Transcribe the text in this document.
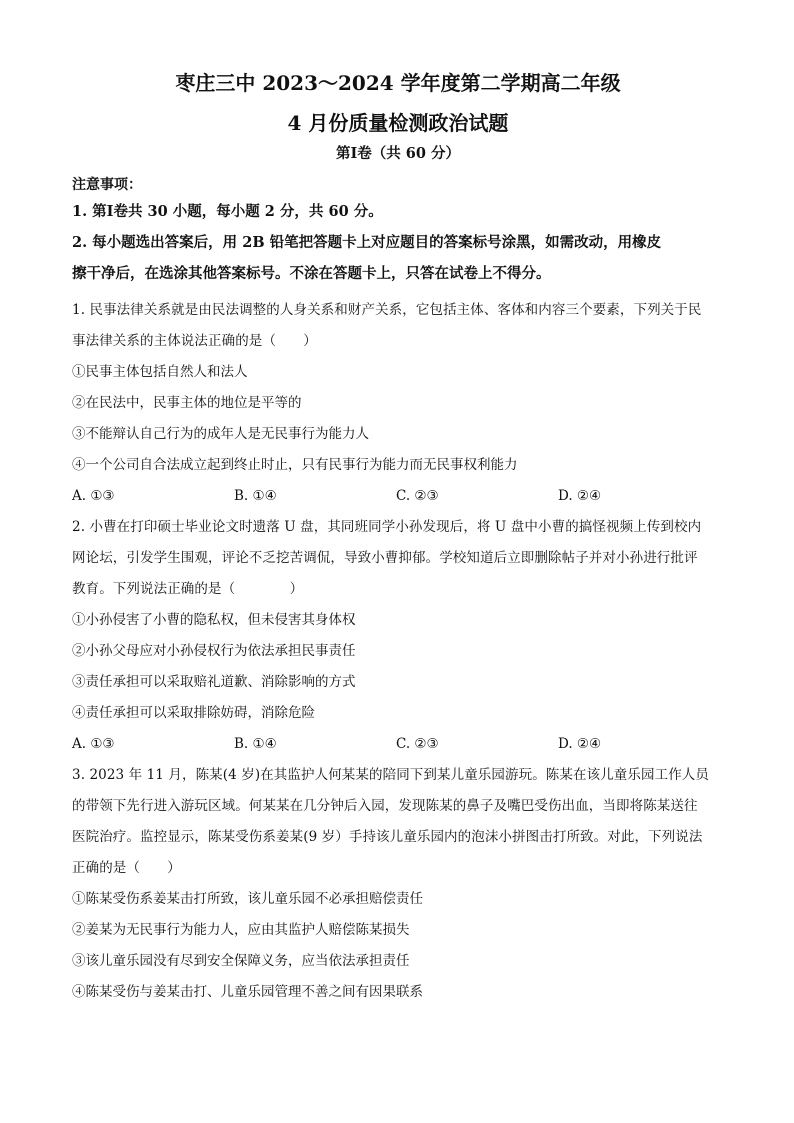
枣庄三中 2023～2024 学年度第二学期高二年级
4 月份质量检测政治试题
第Ⅰ卷（共 60 分）
注意事项：

1. 第Ⅰ卷共 30 小题，每小题 2 分，共 60 分。

2. 每小题选出答案后，用 2B 铅笔把答题卡上对应题目的答案标号涂黑，如需改动，用橡皮

擦干净后，在选涂其他答案标号。不涂在答题卡上，只答在试卷上不得分。

1. 民事法律关系就是由民法调整的人身关系和财产关系，它包括主体、客体和内容三个要素，下列关于民

事法律关系的主体说法正确的是（　　）

①民事主体包括自然人和法人

②在民法中，民事主体的地位是平等的

③不能辩认自己行为的成年人是无民事行为能力人

④一个公司自合法成立起到终止时止，只有民事行为能力而无民事权利能力

A. ①③	B. ①④	C. ②③	D. ②④

2. 小曹在打印硕士毕业论文时遗落 U 盘，其同班同学小孙发现后，将 U 盘中小曹的搞怪视频上传到校内

网论坛，引发学生围观，评论不乏挖苦调侃，导致小曹抑郁。学校知道后立即删除帖子并对小孙进行批评

教育。下列说法正确的是（　　　　）

①小孙侵害了小曹的隐私权，但未侵害其身体权

②小孙父母应对小孙侵权行为依法承担民事责任

③责任承担可以采取赔礼道歉、消除影响的方式

④责任承担可以采取排除妨碍，消除危险

A. ①③	B. ①④	C. ②③	D. ②④

3. 2023 年 11 月，陈某(4 岁)在其监护人何某某的陪同下到某儿童乐园游玩。陈某在该儿童乐园工作人员

的带领下先行进入游玩区域。何某某在几分钟后入园，发现陈某的鼻子及嘴巴受伤出血，当即将陈某送往

医院治疗。监控显示，陈某受伤系姜某(9 岁）手持该儿童乐园内的泡沫小拼图击打所致。对此，下列说法

正确的是（　　）

①陈某受伤系姜某击打所致，该儿童乐园不必承担赔偿责任

②姜某为无民事行为能力人，应由其监护人赔偿陈某损失

③该儿童乐园没有尽到安全保障义务，应当依法承担责任

④陈某受伤与姜某击打、儿童乐园管理不善之间有因果联系
